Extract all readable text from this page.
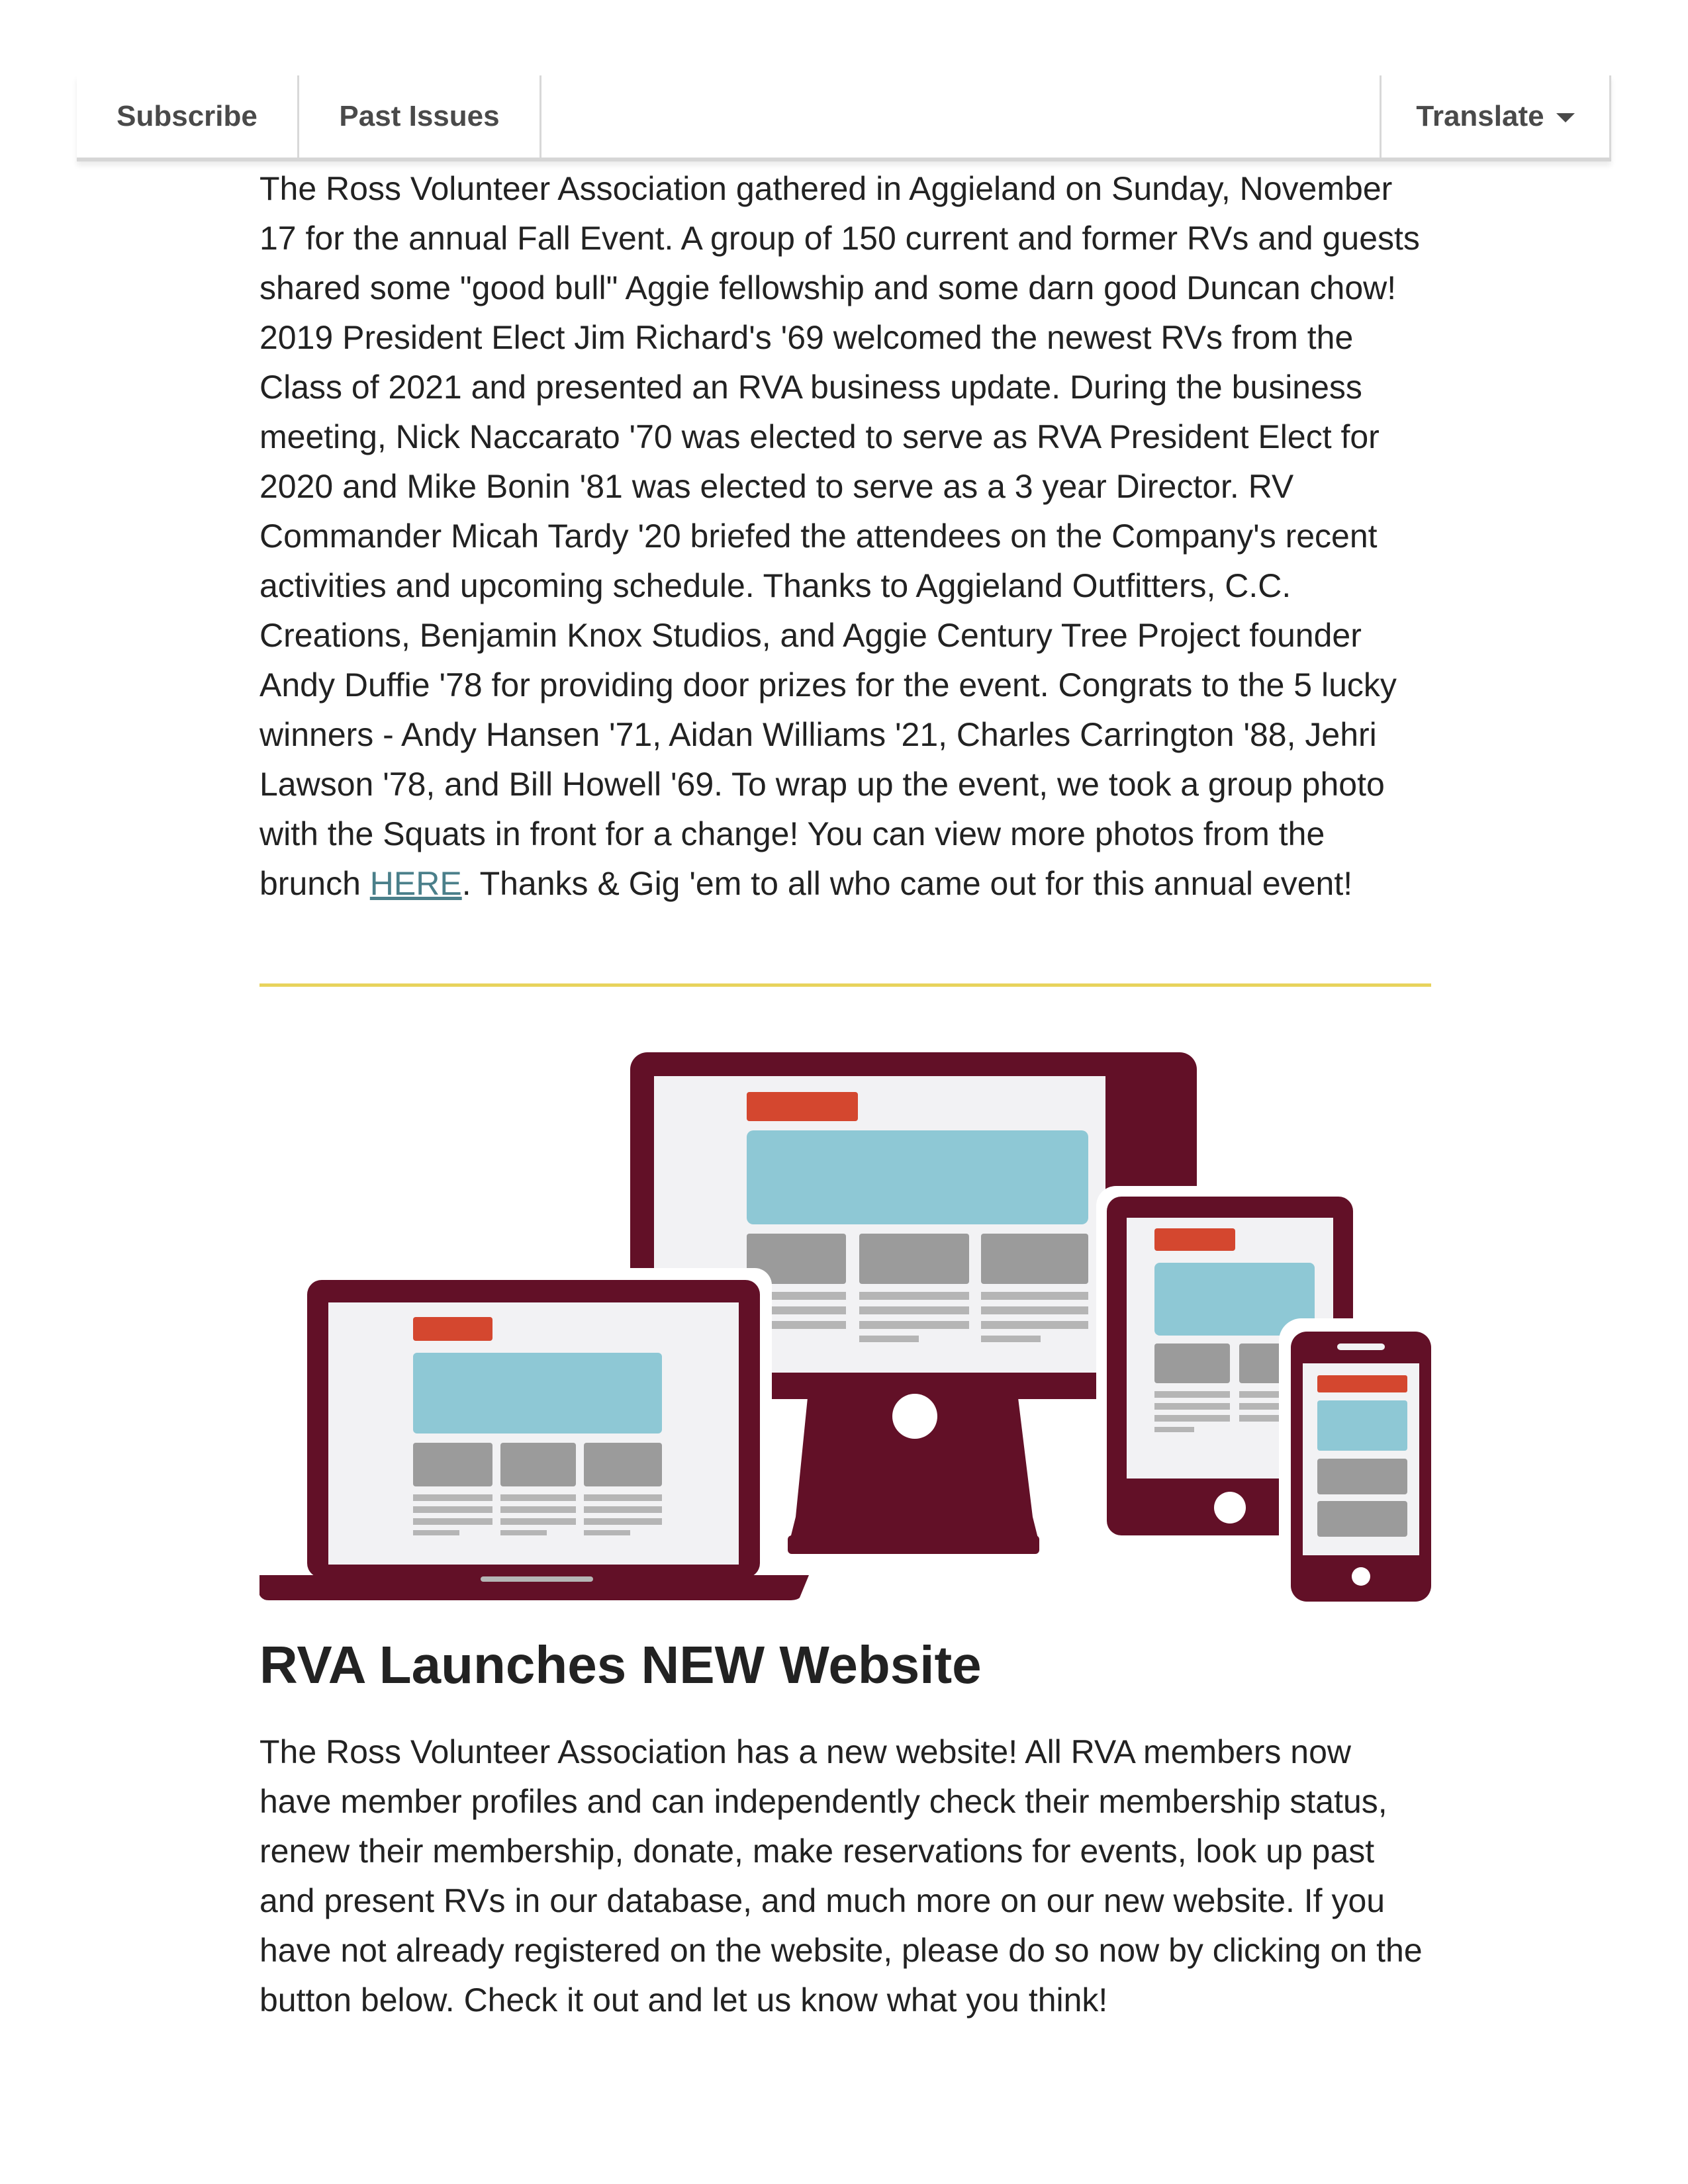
Subscribe	Past Issues	Translate

The Ross Volunteer Association gathered in Aggieland on Sunday, November 17 for the annual Fall Event. A group of 150 current and former RVs and guests shared some "good bull" Aggie fellowship and some darn good Duncan chow! 2019 President Elect Jim Richard's '69 welcomed the newest RVs from the Class of 2021 and presented an RVA business update. During the business meeting, Nick Naccarato '70 was elected to serve as RVA President Elect for 2020 and Mike Bonin '81 was elected to serve as a 3 year Director. RV Commander Micah Tardy '20 briefed the attendees on the Company's recent activities and upcoming schedule. Thanks to Aggieland Outfitters, C.C. Creations, Benjamin Knox Studios, and Aggie Century Tree Project founder Andy Duffie '78 for providing door prizes for the event. Congrats to the 5 lucky winners - Andy Hansen '71, Aidan Williams '21, Charles Carrington '88, Jehri Lawson '78, and Bill Howell '69. To wrap up the event, we took a group photo with the Squats in front for a change! You can view more photos from the brunch HERE. Thanks & Gig 'em to all who came out for this annual event!

RVA Launches NEW Website

The Ross Volunteer Association has a new website! All RVA members now have member profiles and can independently check their membership status, renew their membership, donate, make reservations for events, look up past and present RVs in our database, and much more on our new website. If you have not already registered on the website, please do so now by clicking on the button below. Check it out and let us know what you think!
